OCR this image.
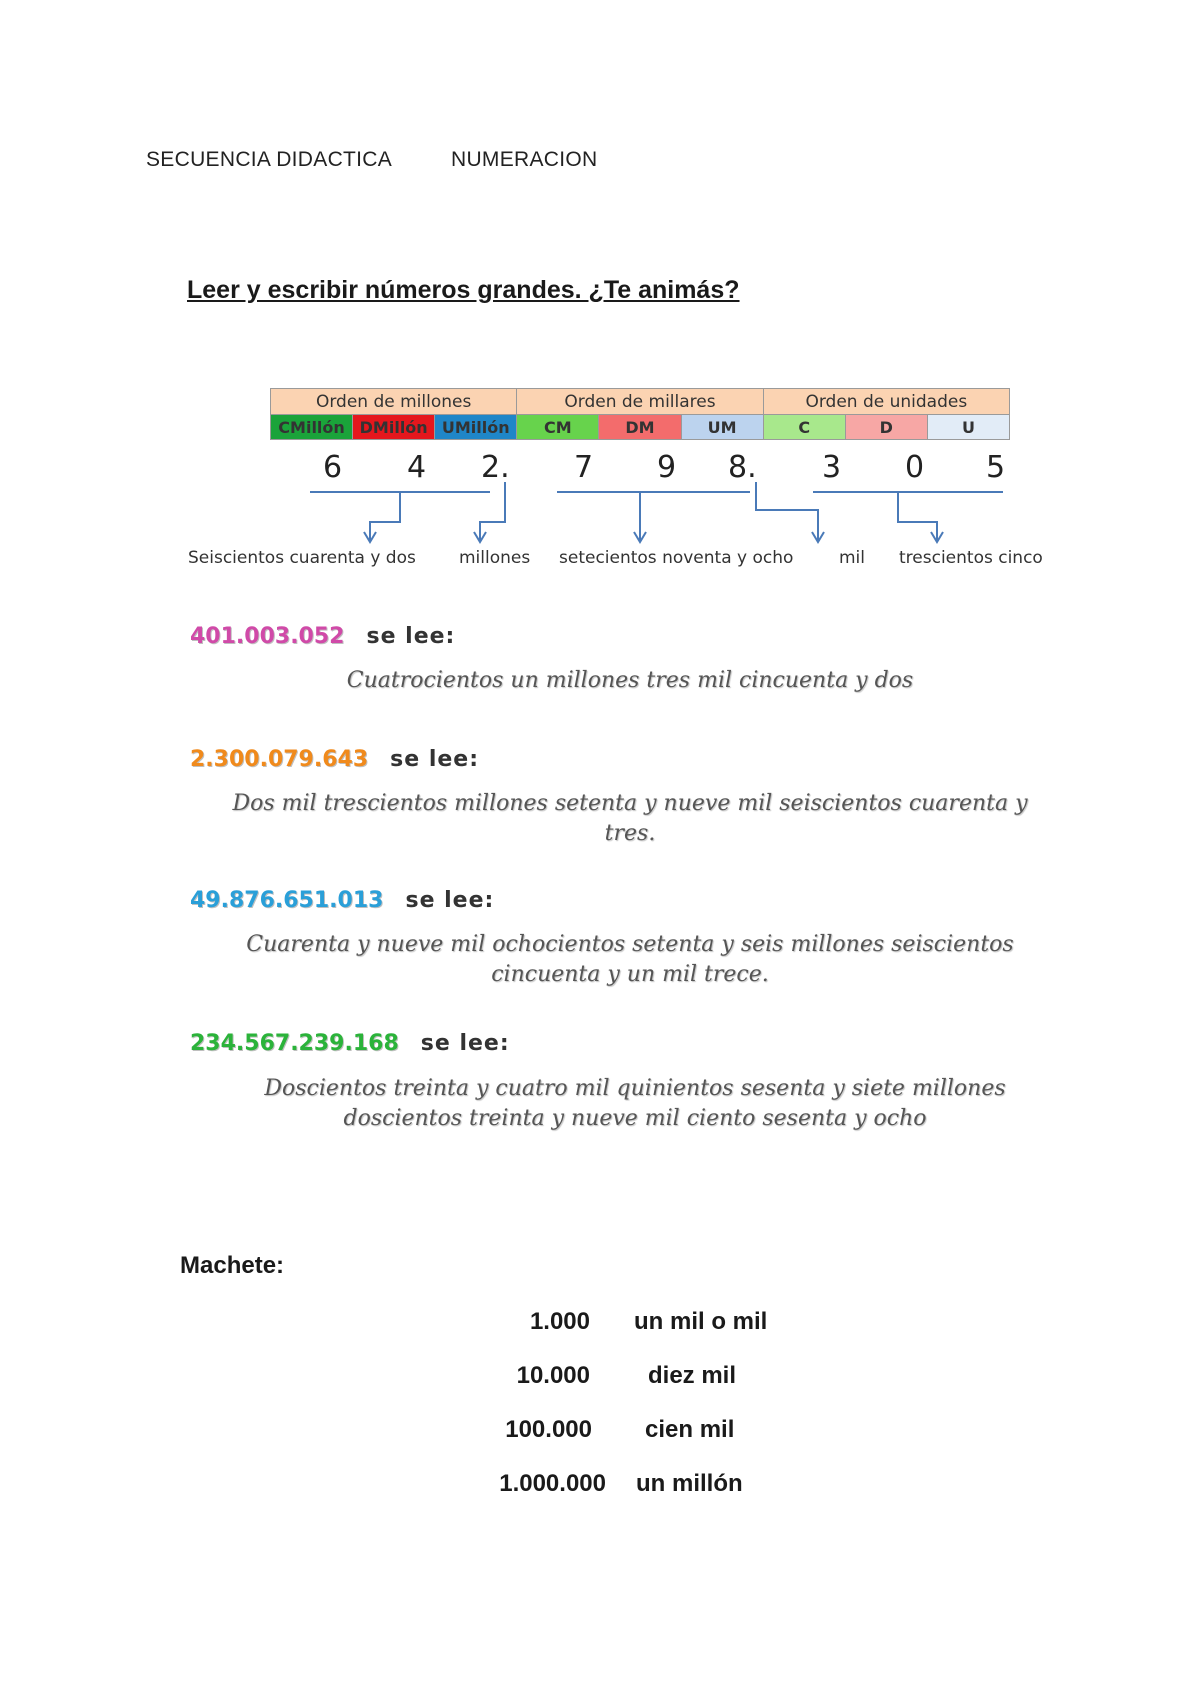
SECUENCIA DIDACTICA	NUMERACION
Leer y escribir números grandes. ¿Te animás?
Orden de millones			Orden de millares			Orden de unidades		
CMillón	DMillón	UMillón	CM	DM	UM	C	D	U
6 4 2. 7 9 8. 3 0 5
Seiscientos cuarenta y dos	millones setecientos noventa y ocho	mil trescientos cinco
401.003.052 se lee:
Cuatrocientos un millones tres mil cincuenta y dos
2.300.079.643 se lee:
Dos mil trescientos millones setenta y nueve mil seiscientos cuarenta y tres.
49.876.651.013 se lee:
Cuarenta y nueve mil ochocientos setenta y seis millones seiscientos cincuenta y un mil trece.
234.567.239.168 se lee:
Doscientos treinta y cuatro mil quinientos sesenta y siete millones doscientos treinta y nueve mil ciento sesenta y ocho
Machete:
1.000 un mil o mil
10.000 diez mil
100.000 cien mil
1.000.000 un millón
